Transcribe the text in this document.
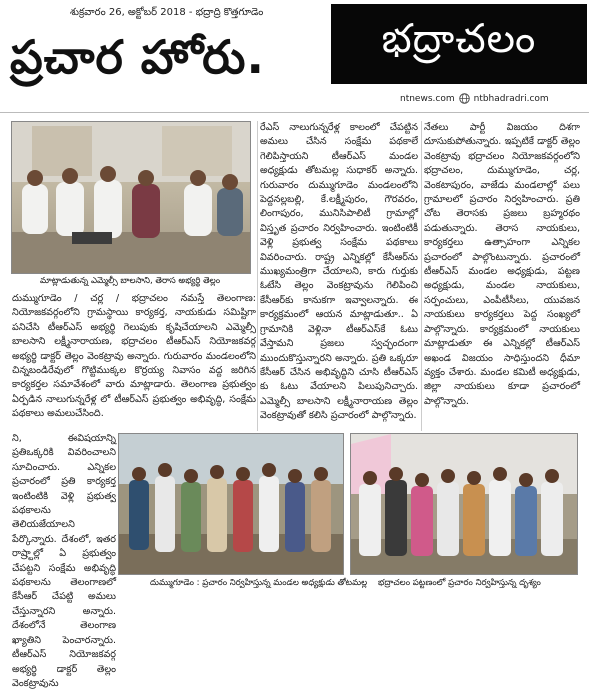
శుక్రవారం 26, అక్టోబర్ 2018 - భద్రాద్రి కొత్తగూడెం
భద్రాచలం
ప్రచార హోరు.
ntnews.com ntbhadradri.com
మాట్లాడుతున్న ఎమ్మెల్సీ బాలసాని, తెరాస అభ్యర్థి తెల్లం
దుమ్ముగూడెం / చర్ల / భద్రాచలం నమస్తే తెలంగాణ: నియోజకవర్గంలోని గ్రామస్థాయి కార్యకర్త, నాయకుడు సమిష్టిగా పనిచేసి టీఆర్‌ఎస్ అభ్యర్థి గెలుపుకు కృషిచేయాలని ఎమ్మెల్సీ బాలసాని లక్ష్మీనారాయణ, భద్రాచలం టీఆర్‌ఎస్ నియోజకవర్గ అభ్యర్థి డాక్టర్ తెల్లం వెంకట్రావు అన్నారు. గురువారం మండలంలోని చిన్నబండిరేవులో గొట్టిముక్కల కొర్రయ్య నివాసం వద్ద జరిగిన కార్యకర్తల సమావేశంలో వారు మాట్లాడారు. తెలంగాణ ప్రభుత్వం ఏర్పడిన నాలుగున్నరేళ్ల లో టీఆర్‌ఎస్ ప్రభుత్వం అభివృద్ధి, సంక్షేమ పథకాలు అమలుచేసింది.
ని, ఈవిషయాన్ని ప్రతిఒక్కరికి వివరించాలని సూచించారు. ఎన్నికల ప్రచారంలో ప్రతి కార్యకర్త ఇంటింటికి వెళ్లి ప్రభుత్వ పథకాలను తెలియజేయాలని పేర్కొన్నారు. దేశంలో, ఇతర రాష్ర్టాల్లో ఏ ప్రభుత్వం చేపట్టని సంక్షేమ అభివృద్ధి పథకాలను తెలంగాణలో కేసీఆర్ చేపట్టి అమలు చేస్తున్నారని అన్నారు. దేశంలోనే తెలంగాణ ఖ్యాతిని పెంచారన్నారు. టీఆర్‌ఎస్ నియోజకవర్గ అభ్యర్థి డాక్టర్ తెల్లం వెంకట్రావును
రేఎస్ నాలుగున్నరేళ్ల కాలంలో చేపట్టిన అమలు చేసిన సంక్షేమ పథకాలే గెలిపిస్తాయని టీఆర్‌ఎస్ మండల అధ్యక్షుడు తోటమల్ల సుధాకర్ అన్నారు. గురువారం దుమ్ముగూడెం మండలంలోని పెద్దనల్లబల్లి, కే.లక్ష్మీపురం, గౌరవరం, లింగాపురం, మునిసిపాలిటీ గ్రామాల్లో విస్తృత ప్రచారం నిర్వహించారు. ఇంటింటికీ వెళ్లి ప్రభుత్వ సంక్షేమ పథకాలు వివరించారు. రాష్ట్ర ఎన్నికల్లో కేసీఆర్‌ను ముఖ్యమంత్రిగా చేయాలని, కారు గుర్తుకు ఓటేసి తెల్లం వెంకట్రావును గెలిపించి కేసీఆర్‌కు కానుకగా ఇవ్వాలన్నారు. ఈ కార్యక్రమంలో ఆయన మాట్లాడుతూ.. ఏ గ్రామానికి వెళ్లినా టీఆర్‌ఎస్‌కే ఓటు వేస్తామని ప్రజలు స్వచ్ఛందంగా ముందుకొస్తున్నారని అన్నారు. ప్రతి ఒక్కరూ కేసీఆర్ చేసిన అభివృద్ధిని చూసి టీఆర్‌ఎస్ కు ఓటు వేయాలని పిలుపునిచ్చారు. ఎమ్మెల్సీ బాలసాని లక్ష్మీనారాయణ తెల్లం వెంకట్రావుతో కలిసి ప్రచారంలో పాల్గొన్నారు.
నేతలు పార్టీ విజయం దిశగా దూసుకుపోతున్నారు. ఇప్పటికే డాక్టర్ తెల్లం వెంకట్రావు భద్రాచలం నియోజకవర్గంలోని భద్రాచలం, దుమ్ముగూడెం, చర్ల, వెంకటాపురం, వాజేడు మండలాల్లో పలు గ్రామాలలో ప్రచారం నిర్వహించారు. ప్రతి చోట తెరాసకు ప్రజలు బ్రహ్మరథం పడుతున్నారు. తెరాస నాయకులు, కార్యకర్తలు ఉత్సాహంగా ఎన్నికల ప్రచారంలో పాల్గొంటున్నారు. ప్రచారంలో టీఆర్‌ఎస్ మండల అధ్యక్షుడు, పట్టణ అధ్యక్షుడు, మండల నాయకులు, సర్పంచులు, ఎంపీటీసీలు, యువజన నాయకులు కార్యకర్తలు పెద్ద సంఖ్యలో పాల్గొన్నారు. కార్యక్రమంలో నాయకులు మాట్లాడుతూ ఈ ఎన్నికల్లో టీఆర్‌ఎస్ అఖండ విజయం సాధిస్తుందని ధీమా వ్యక్తం చేశారు. మండల కమిటీ అధ్యక్షుడు, జిల్లా నాయకులు కూడా ప్రచారంలో పాల్గొన్నారు.
దుమ్ముగూడెం : ప్రచారం నిర్వహిస్తున్న మండల అధ్యక్షుడు తోటమల్ల భద్రాచలం పట్టణంలో ప్రచారం నిర్వహిస్తున్న దృశ్యం
